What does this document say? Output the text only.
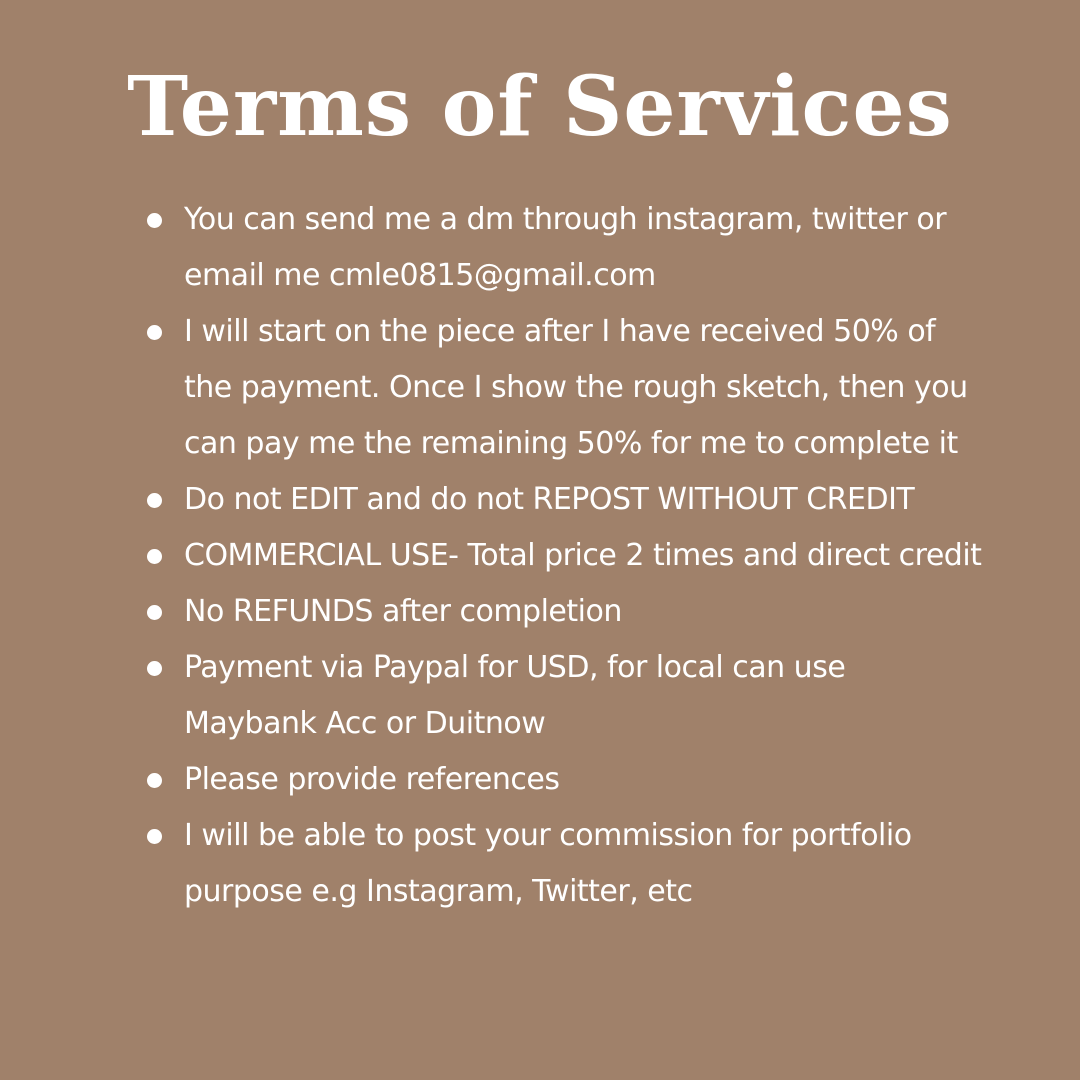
Terms of Services
You can send me a dm through instagram, twitter or email me cmle0815@gmail.com
I will start on the piece after I have received 50% of the payment. Once I show the rough sketch, then you can pay me the remaining 50% for me to complete it
Do not EDIT and do not REPOST WITHOUT CREDIT
COMMERCIAL USE- Total price 2 times and direct credit
No REFUNDS after completion
Payment via Paypal for USD, for local can use Maybank Acc or Duitnow
Please provide references
I will be able to post your commission for portfolio purpose e.g Instagram, Twitter, etc
